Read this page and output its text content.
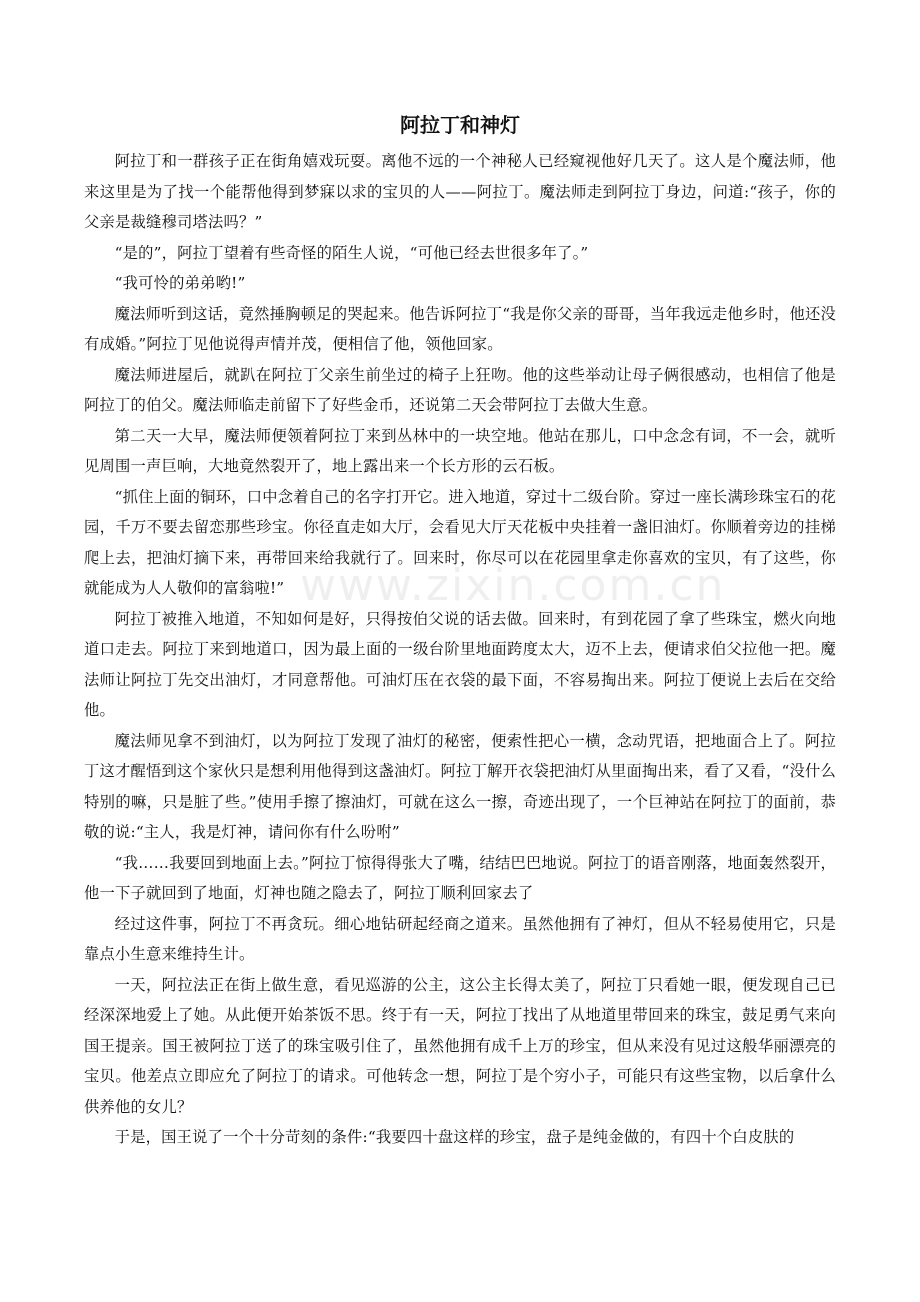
www.zixin.com.cn
阿拉丁和神灯

阿拉丁和一群孩子正在街角嬉戏玩耍。离他不远的一个神秘人已经窥视他好几天了。这人是个魔法师，他来这里是为了找一个能帮他得到梦寐以求的宝贝的人——阿拉丁。魔法师走到阿拉丁身边，问道:“孩子，你的父亲是裁缝穆司塔法吗？”

“是的”，阿拉丁望着有些奇怪的陌生人说，“可他已经去世很多年了。”

“我可怜的弟弟哟!”

魔法师听到这话，竟然捶胸顿足的哭起来。他告诉阿拉丁“我是你父亲的哥哥，当年我远走他乡时，他还没有成婚。”阿拉丁见他说得声情并茂，便相信了他，领他回家。

魔法师进屋后，就趴在阿拉丁父亲生前坐过的椅子上狂吻。他的这些举动让母子俩很感动，也相信了他是阿拉丁的伯父。魔法师临走前留下了好些金币，还说第二天会带阿拉丁去做大生意。

第二天一大早，魔法师便领着阿拉丁来到丛林中的一块空地。他站在那儿，口中念念有词，不一会，就听见周围一声巨响，大地竟然裂开了，地上露出来一个长方形的云石板。

“抓住上面的铜环，口中念着自己的名字打开它。进入地道，穿过十二级台阶。穿过一座长满珍珠宝石的花园，千万不要去留恋那些珍宝。你径直走如大厅，会看见大厅天花板中央挂着一盏旧油灯。你顺着旁边的挂梯爬上去，把油灯摘下来，再带回来给我就行了。回来时，你尽可以在花园里拿走你喜欢的宝贝，有了这些，你就能成为人人敬仰的富翁啦!”

阿拉丁被推入地道，不知如何是好，只得按伯父说的话去做。回来时，有到花园了拿了些珠宝，燃火向地道口走去。阿拉丁来到地道口，因为最上面的一级台阶里地面跨度太大，迈不上去，便请求伯父拉他一把。魔法师让阿拉丁先交出油灯，才同意帮他。可油灯压在衣袋的最下面，不容易掏出来。阿拉丁便说上去后在交给他。

魔法师见拿不到油灯，以为阿拉丁发现了油灯的秘密，便索性把心一横，念动咒语，把地面合上了。阿拉丁这才醒悟到这个家伙只是想利用他得到这盏油灯。阿拉丁解开衣袋把油灯从里面掏出来，看了又看，“没什么特别的嘛，只是脏了些。”使用手擦了擦油灯，可就在这么一擦，奇迹出现了，一个巨神站在阿拉丁的面前，恭敬的说:“主人，我是灯神，请问你有什么吩咐”

“我……我要回到地面上去。”阿拉丁惊得得张大了嘴，结结巴巴地说。阿拉丁的语音刚落，地面轰然裂开，他一下子就回到了地面，灯神也随之隐去了，阿拉丁顺利回家去了

经过这件事，阿拉丁不再贪玩。细心地钻研起经商之道来。虽然他拥有了神灯，但从不轻易使用它，只是靠点小生意来维持生计。

一天，阿拉法正在街上做生意，看见巡游的公主，这公主长得太美了，阿拉丁只看她一眼，便发现自己已经深深地爱上了她。从此便开始茶饭不思。终于有一天，阿拉丁找出了从地道里带回来的珠宝，鼓足勇气来向国王提亲。国王被阿拉丁送了的珠宝吸引住了，虽然他拥有成千上万的珍宝，但从来没有见过这般华丽漂亮的宝贝。他差点立即应允了阿拉丁的请求。可他转念一想，阿拉丁是个穷小子，可能只有这些宝物，以后拿什么供养他的女儿？

于是，国王说了一个十分苛刻的条件:“我要四十盘这样的珍宝，盘子是纯金做的，有四十个白皮肤的
